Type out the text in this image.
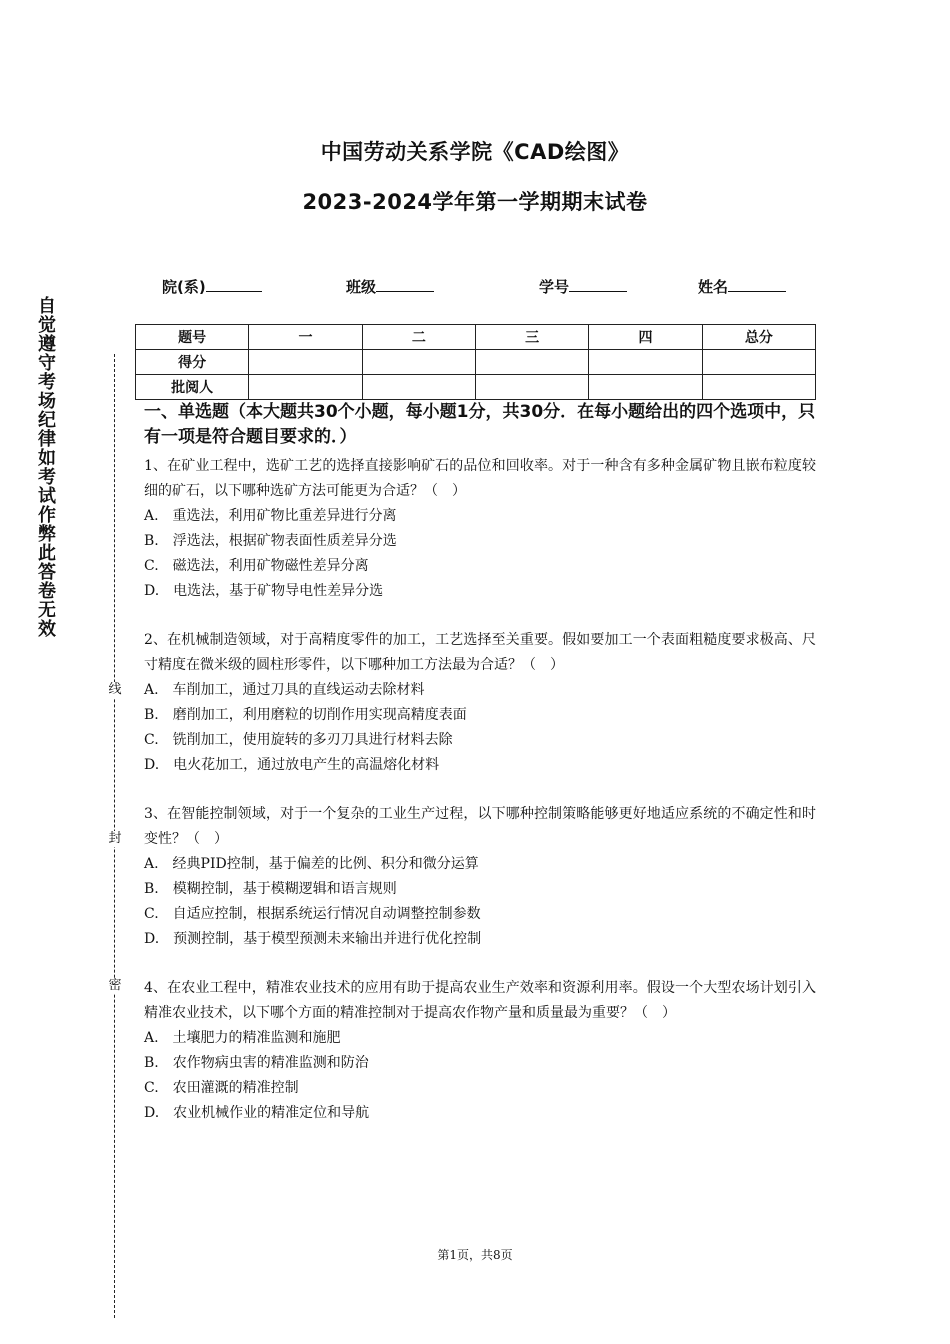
中国劳动关系学院《CAD绘图》
2023-2024学年第一学期期末试卷
院(系)	班级	学号	姓名
题号	一	二	三	四	总分
得分					
批阅人					
自觉遵守考场纪律如考试作弊此答卷无效
线
封
密

一、单选题（本大题共30个小题，每小题1分，共30分．在每小题给出的四个选项中，只有一项是符合题目要求的．）

1、在矿业工程中，选矿工艺的选择直接影响矿石的品位和回收率。对于一种含有多种金属矿物且嵌布粒度较细的矿石，以下哪种选矿方法可能更为合适？（　）

A.　重选法，利用矿物比重差异进行分离

B.　浮选法，根据矿物表面性质差异分选

C.　磁选法，利用矿物磁性差异分离

D.　电选法，基于矿物导电性差异分选

2、在机械制造领域，对于高精度零件的加工，工艺选择至关重要。假如要加工一个表面粗糙度要求极高、尺寸精度在微米级的圆柱形零件，以下哪种加工方法最为合适？（　）

A.　车削加工，通过刀具的直线运动去除材料

B.　磨削加工，利用磨粒的切削作用实现高精度表面

C.　铣削加工，使用旋转的多刃刀具进行材料去除

D.　电火花加工，通过放电产生的高温熔化材料

3、在智能控制领域，对于一个复杂的工业生产过程，以下哪种控制策略能够更好地适应系统的不确定性和时变性？（　）

A.　经典PID控制，基于偏差的比例、积分和微分运算

B.　模糊控制，基于模糊逻辑和语言规则

C.　自适应控制，根据系统运行情况自动调整控制参数

D.　预测控制，基于模型预测未来输出并进行优化控制

4、在农业工程中，精准农业技术的应用有助于提高农业生产效率和资源利用率。假设一个大型农场计划引入精准农业技术，以下哪个方面的精准控制对于提高农作物产量和质量最为重要？（　）

A.　土壤肥力的精准监测和施肥

B.　农作物病虫害的精准监测和防治

C.　农田灌溉的精准控制

D.　农业机械作业的精准定位和导航

第1页，共8页
